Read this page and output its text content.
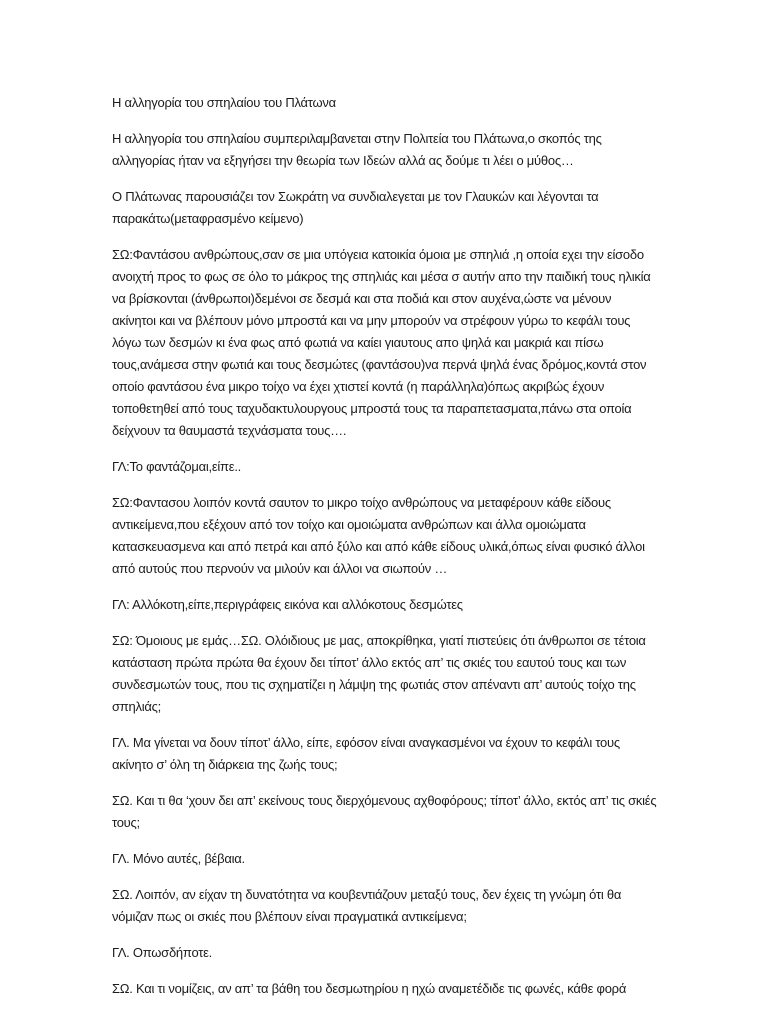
Η αλληγορία του σπηλαίου του Πλάτωνα

Η αλληγορία του σπηλαίου συμπεριλαμβανεται στην Πολιτεία του Πλάτωνα,ο σκοπός της αλληγορίας ήταν να εξηγήσει την θεωρία των Ιδεών αλλά ας δούμε τι λέει ο μύθος…

Ο Πλάτωνας παρουσιάζει τον Σωκράτη να συνδιαλεγεται με τον Γλαυκών και λέγονται τα παρακάτω(μεταφρασμένο κείμενο)

ΣΩ:Φαντάσου ανθρώπους,σαν σε μια υπόγεια κατοικία όμοια με σπηλιά ,η οποία εχει την είσοδο ανοιχτή προς το φως σε όλο το μάκρος της σπηλιάς και μέσα σ αυτήν απο την παιδική τους ηλικία να βρίσκονται (άνθρωποι)δεμένοι σε δεσμά και στα ποδιά και στον αυχένα,ώστε να μένουν ακίνητοι και να βλέπουν μόνο μπροστά και να μην μπορούν να στρέφουν γύρω το κεφάλι τους λόγω των δεσμών κι ένα φως από φωτιά να καίει γιαυτους απο ψηλά και μακριά και πίσω τους,ανάμεσα στην φωτιά και τους δεσμώτες (φαντάσου)να περνά ψηλά ένας δρόμος,κοντά στον οποίο φαντάσου ένα μικρο τοίχο να έχει χτιστεί κοντά (η παράλληλα)όπως ακριβώς έχουν τοποθετηθεί από τους ταχυδακτυλουργους μπροστά τους τα παραπετασματα,πάνω στα οποία δείχνουν τα θαυμαστά τεχνάσματα τους….

ΓΛ:Το φαντάζομαι,είπε..

ΣΩ:Φαντασου λοιπόν κοντά σαυτον το μικρο τοίχο ανθρώπους να μεταφέρουν κάθε είδους αντικείμενα,που εξέχουν από τον τοίχο και ομοιώματα ανθρώπων και άλλα ομοιώματα κατασκευασμενα και από πετρά και από ξύλο και από κάθε είδους υλικά,όπως είναι φυσικό άλλοι από αυτούς που περνούν να μιλούν και άλλοι να σιωπούν …

ΓΛ: Αλλόκοτη,είπε,περιγράφεις εικόνα και αλλόκοτους δεσμώτες

ΣΩ: Όμοιους με εμάς…ΣΩ. Ολόιδιους με μας, αποκρίθηκα, γιατί πιστεύεις ότι άνθρωποι σε τέτοια κατάσταση πρώτα πρώτα θα έχουν δει τίποτ’ άλλο εκτός απ’ τις σκιές του εαυτού τους και των συνδεσμωτών τους, που τις σχηματίζει η λάμψη της φωτιάς στον απέναντι απ’ αυτούς τοίχο της σπηλιάς;

ΓΛ. Μα γίνεται να δουν τίποτ’ άλλο, είπε, εφόσον είναι αναγκασμένοι να έχουν το κεφάλι τους ακίνητο σ’ όλη τη διάρκεια της ζωής τους;

ΣΩ. Και τι θα ‘χουν δει απ’ εκείνους τους διερχόμενους αχθοφόρους; τίποτ’ άλλο, εκτός απ’ τις σκιές τους;

ΓΛ. Μόνο αυτές, βέβαια.

ΣΩ. Λοιπόν, αν είχαν τη δυνατότητα να κουβεντιάζουν μεταξύ τους, δεν έχεις τη γνώμη ότι θα νόμιζαν πως οι σκιές που βλέπουν είναι πραγματικά αντικείμενα;

ΓΛ. Οπωσδήποτε.

ΣΩ. Και τι νομίζεις, αν απ’ τα βάθη του δεσμωτηρίου η ηχώ αναμετέδιδε τις φωνές, κάθε φορά
